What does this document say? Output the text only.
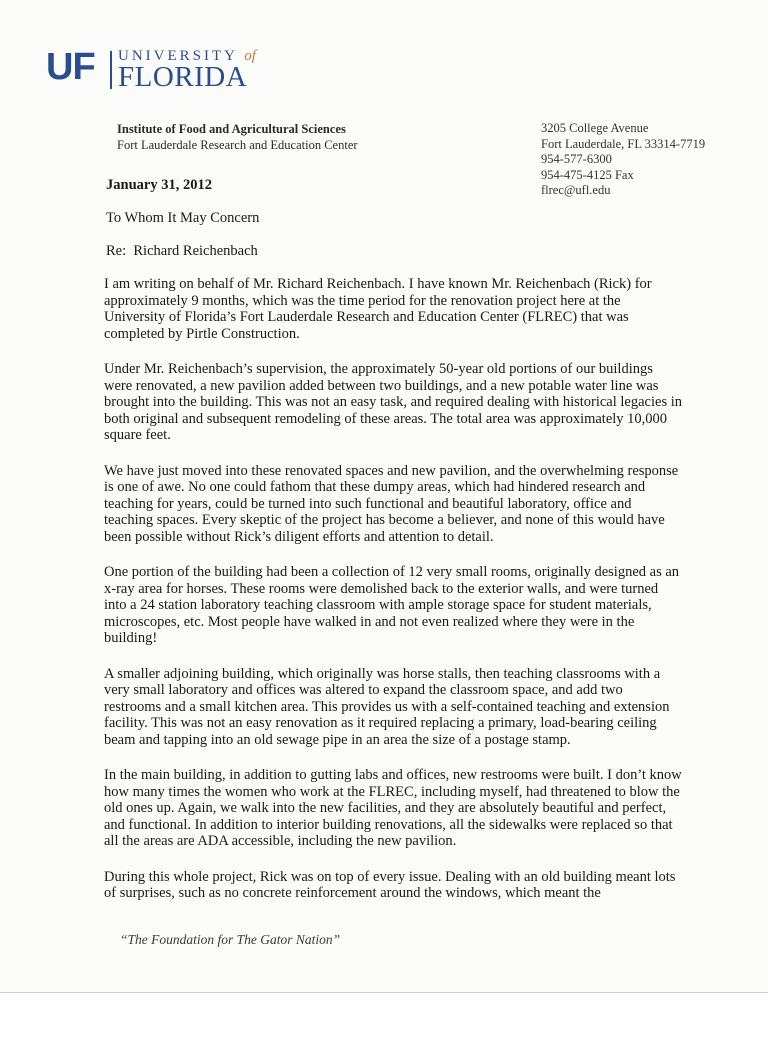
UF UNIVERSITY of
FLORIDA
Institute of Food and Agricultural Sciences
Fort Lauderdale Research and Education Center
3205 College Avenue
Fort Lauderdale, FL 33314-7719
954-577-6300
954-475-4125 Fax
flrec@ufl.edu
January 31, 2012
To Whom It May Concern
Re: Richard Reichenbach

I am writing on behalf of Mr. Richard Reichenbach. I have known Mr. Reichenbach (Rick) for approximately 9 months, which was the time period for the renovation project here at the University of Florida’s Fort Lauderdale Research and Education Center (FLREC) that was completed by Pirtle Construction.

Under Mr. Reichenbach’s supervision, the approximately 50-year old portions of our buildings were renovated, a new pavilion added between two buildings, and a new potable water line was brought into the building. This was not an easy task, and required dealing with historical legacies in both original and subsequent remodeling of these areas. The total area was approximately 10,000 square feet.

We have just moved into these renovated spaces and new pavilion, and the overwhelming response is one of awe. No one could fathom that these dumpy areas, which had hindered research and teaching for years, could be turned into such functional and beautiful laboratory, office and teaching spaces. Every skeptic of the project has become a believer, and none of this would have been possible without Rick’s diligent efforts and attention to detail.

One portion of the building had been a collection of 12 very small rooms, originally designed as an x-ray area for horses. These rooms were demolished back to the exterior walls, and were turned into a 24 station laboratory teaching classroom with ample storage space for student materials, microscopes, etc. Most people have walked in and not even realized where they were in the building!

A smaller adjoining building, which originally was horse stalls, then teaching classrooms with a very small laboratory and offices was altered to expand the classroom space, and add two restrooms and a small kitchen area. This provides us with a self-contained teaching and extension facility. This was not an easy renovation as it required replacing a primary, load-bearing ceiling beam and tapping into an old sewage pipe in an area the size of a postage stamp.

In the main building, in addition to gutting labs and offices, new restrooms were built. I don’t know how many times the women who work at the FLREC, including myself, had threatened to blow the old ones up. Again, we walk into the new facilities, and they are absolutely beautiful and perfect, and functional. In addition to interior building renovations, all the sidewalks were replaced so that all the areas are ADA accessible, including the new pavilion.

During this whole project, Rick was on top of every issue. Dealing with an old building meant lots of surprises, such as no concrete reinforcement around the windows, which meant the

“The Foundation for The Gator Nation”
